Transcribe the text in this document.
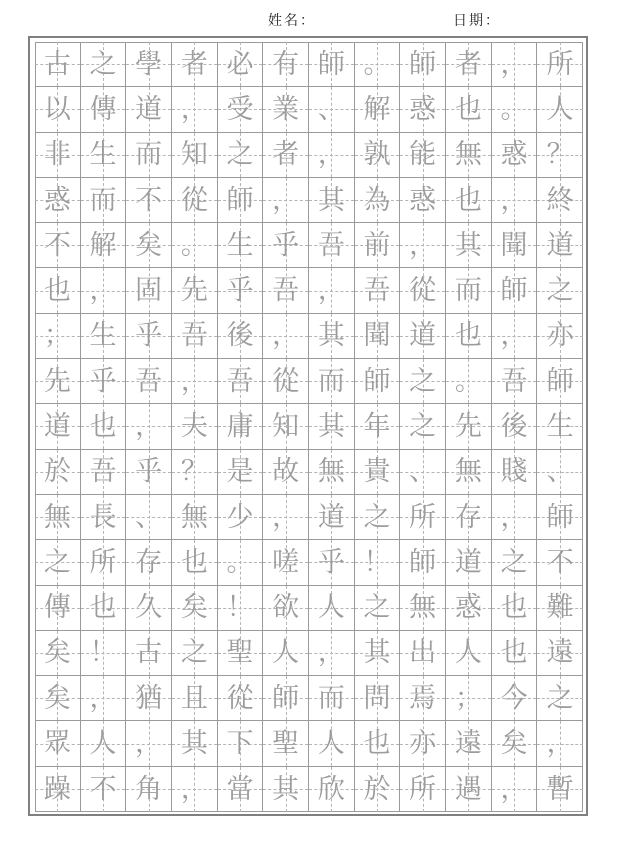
姓名：	日期：
古 之 學 者 必 有 師 。 師 者 ， 所
以 傳 道 ， 受 業 、 解 惑 也 。 人
非 生 而 知 之 者 ， 孰 能 無 惑 ？
惑 而 不 從 師 ， 其 為 惑 也 ， 終
不 解 矣 。 生 乎 吾 前 ， 其 聞 道
也 ， 固 先 乎 吾 ， 吾 從 而 師 之
； 生 乎 吾 後 ， 其 聞 道 也 ， 亦
先 乎 吾 ， 吾 從 而 師 之 。 吾 師
道 也 ， 夫 庸 知 其 年 之 先 後 生
於 吾 乎 ？ 是 故 無 貴 、 無 賤 、
無 長 、 無 少 ， 道 之 所 存 ， 師
之 所 存 也 。 嗟 乎 ！ 師 道 之 不
傳 也 久 矣 ！ 欲 人 之 無 惑 也 難
矣 ！ 古 之 聖 人 ， 其 出 人 也 遠
矣 ， 猶 且 從 師 而 問 焉 ； 今 之
眾 人 ， 其 下 聖 人 也 亦 遠 矣 ，
躁 不 角 ， 當 其 欣 於 所 遇 ， 暫
